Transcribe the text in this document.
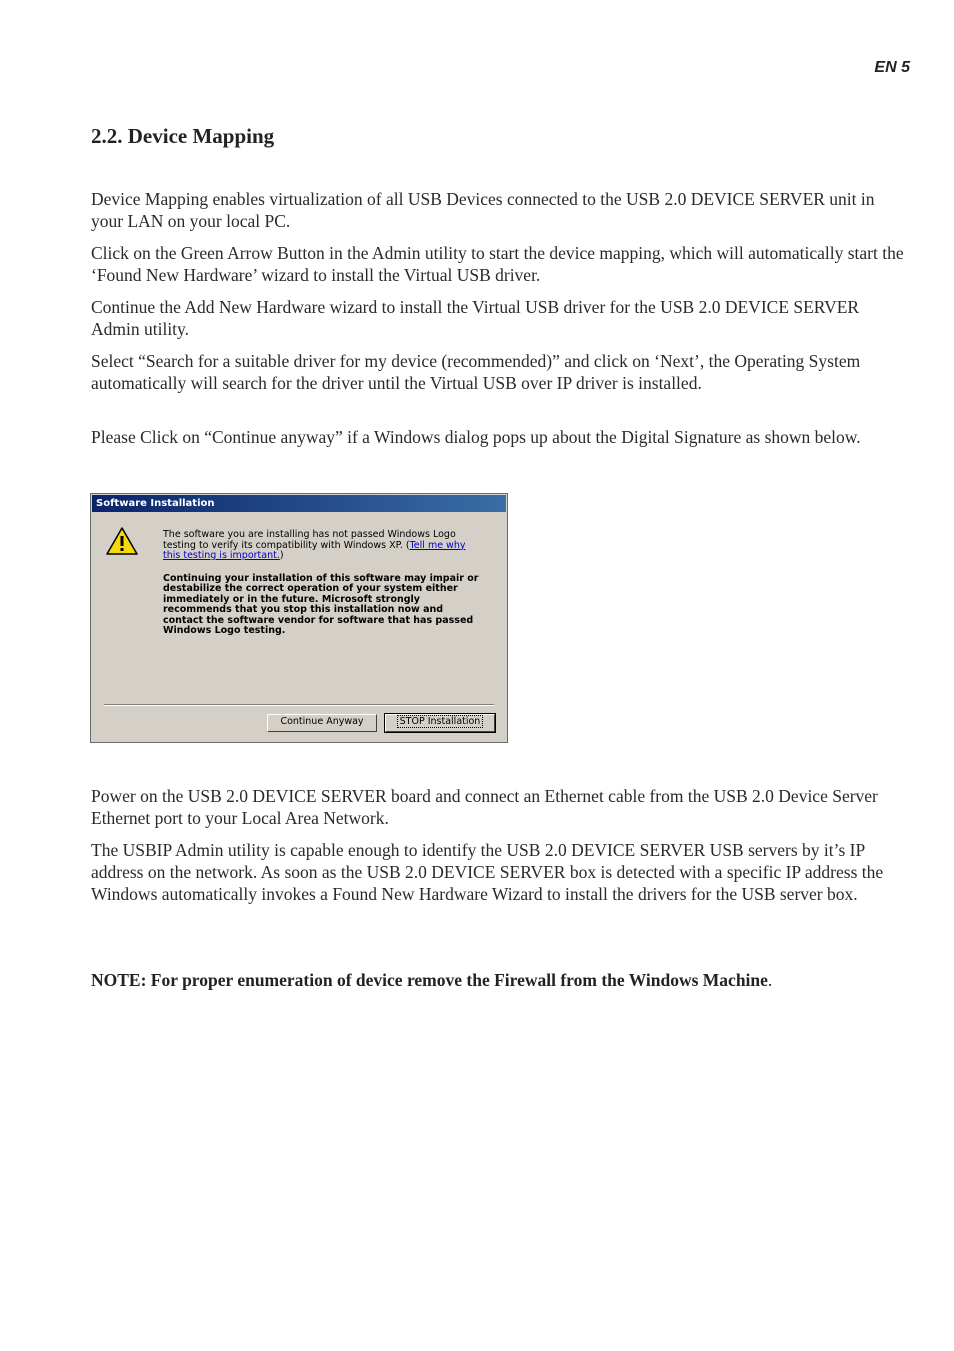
EN 5
2.2. Device Mapping

Device Mapping enables virtualization of all USB Devices connected to the USB 2.0 DEVICE SERVER unit in your LAN on your local PC.

Click on the Green Arrow Button in the Admin utility to start the device mapping, which will automatically start the ‘Found New Hardware’ wizard to install the Virtual USB driver.

Continue the Add New Hardware wizard to install the Virtual USB driver for the USB 2.0 DEVICE SERVER Admin utility.

Select “Search for a suitable driver for my device (recommended)” and click on ‘Next’, the Operating System automatically will search for the driver until the Virtual USB over IP driver is installed.

Please Click on “Continue anyway” if a Windows dialog pops up about the Digital Signature as shown below.

Software Installation
The software you are installing has not passed Windows Logo testing to verify its compatibility with Windows XP. (Tell me why this testing is important.)
Continuing your installation of this software may impair or destabilize the correct operation of your system either immediately or in the future. Microsoft strongly recommends that you stop this installation now and contact the software vendor for software that has passed Windows Logo testing.
Continue Anyway	STOP Installation

Power on the USB 2.0 DEVICE SERVER board and connect an Ethernet cable from the USB 2.0 Device Server Ethernet port to your Local Area Network.

The USBIP Admin utility is capable enough to identify the USB 2.0 DEVICE SERVER USB servers by it’s IP address on the network. As soon as the USB 2.0 DEVICE SERVER box is detected with a specific IP address the Windows automatically invokes a Found New Hardware Wizard to install the drivers for the USB server box.

NOTE: For proper enumeration of device remove the Firewall from the Windows Machine.
